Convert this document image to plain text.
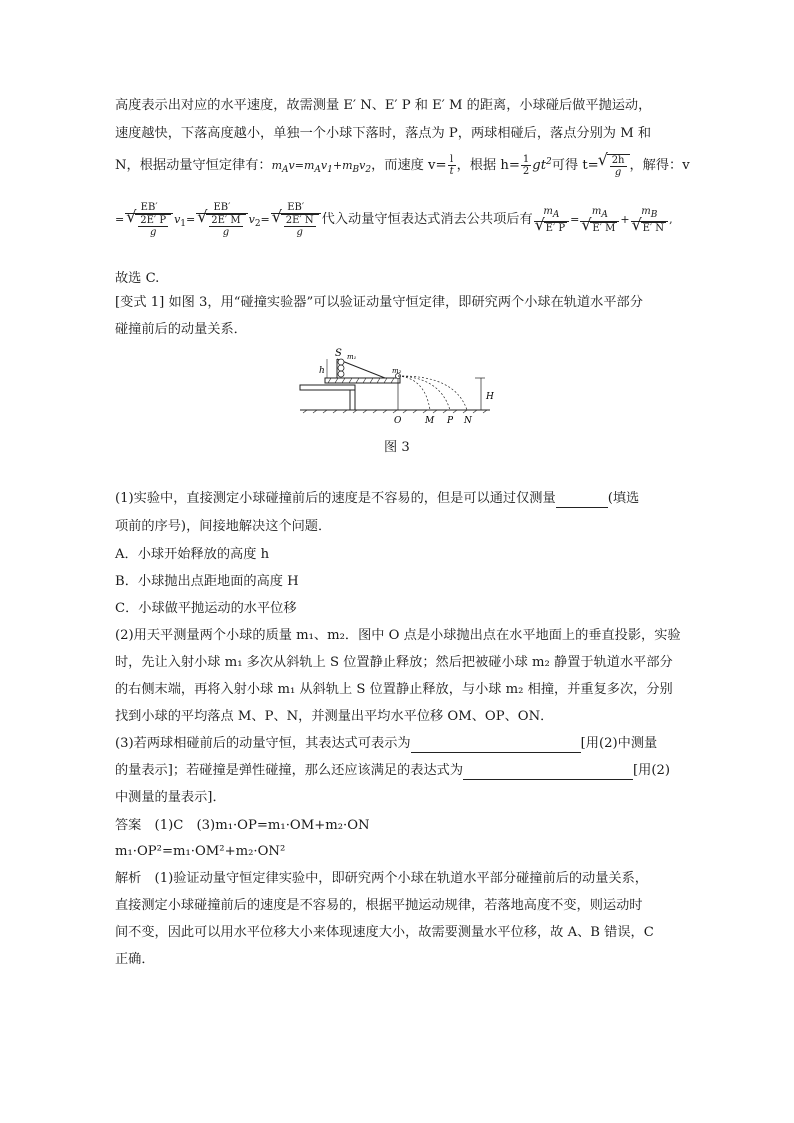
高度表示出对应的水平速度，故需测量 E′ N、E′ P 和 E′ M 的距离，小球碰后做平抛运动，
速度越快，下落高度越小，单独一个小球下落时，落点为 P，两球相碰后，落点分别为 M 和
N，根据动量守恒定律有：$m_Av=m_Av_1+m_Bv_2$，而速度 $v= \frac{l}{t}$ ，根据 $h= \frac{1}{2} gt^2$可得 t=
√ $\frac{2h}{g}$ ，解得：v
= EB′
√ $\frac{2E' P}{g} v_1= EB'$
√ $\frac{2E' M}{g} v_2= EB'$
√ $\frac{2E' N}{g}$ 代入动量守恒表达式消去公共项后有 mA
√ E′ P = mA
√ E′ M + mB
√ E′ N ,
故选 C.
[变式 1] 如图 3，用“碰撞实验器”可以验证动量守恒定律，即研究两个小球在轨道水平部分
碰撞前后的动量关系．
S m₁
m₂
h
H
O	M P N
图 3
(1)实验中，直接测定小球碰撞前后的速度是不容易的，但是可以通过仅测量	(填选
项前的序号)，间接地解决这个问题．
A．小球开始释放的高度 h
B．小球抛出点距地面的高度 H
C．小球做平抛运动的水平位移
(2)用天平测量两个小球的质量 m₁、m₂．图中 O 点是小球抛出点在水平地面上的垂直投影，实验
时，先让入射小球 m₁ 多次从斜轨上 S 位置静止释放；然后把被碰小球 m₂ 静置于轨道水平部分
的右侧末端，再将入射小球 m₁ 从斜轨上 S 位置静止释放，与小球 m₂ 相撞，并重复多次，分别
找到小球的平均落点 M、P、N，并测量出平均水平位移 OM、OP、ON．
(3)若两球相碰前后的动量守恒，其表达式可表示为	[用(2)中测量
的量表示]；若碰撞是弹性碰撞，那么还应该满足的表达式为	[用(2)
中测量的量表示]．
答案　(1)C　(3)m₁·OP=m₁·OM+m₂·ON
m₁·OP²=m₁·OM²+m₂·ON²
解析　(1)验证动量守恒定律实验中，即研究两个小球在轨道水平部分碰撞前后的动量关系，
直接测定小球碰撞前后的速度是不容易的，根据平抛运动规律，若落地高度不变，则运动时
间不变，因此可以用水平位移大小来体现速度大小，故需要测量水平位移，故 A、B 错误，C
正确．
